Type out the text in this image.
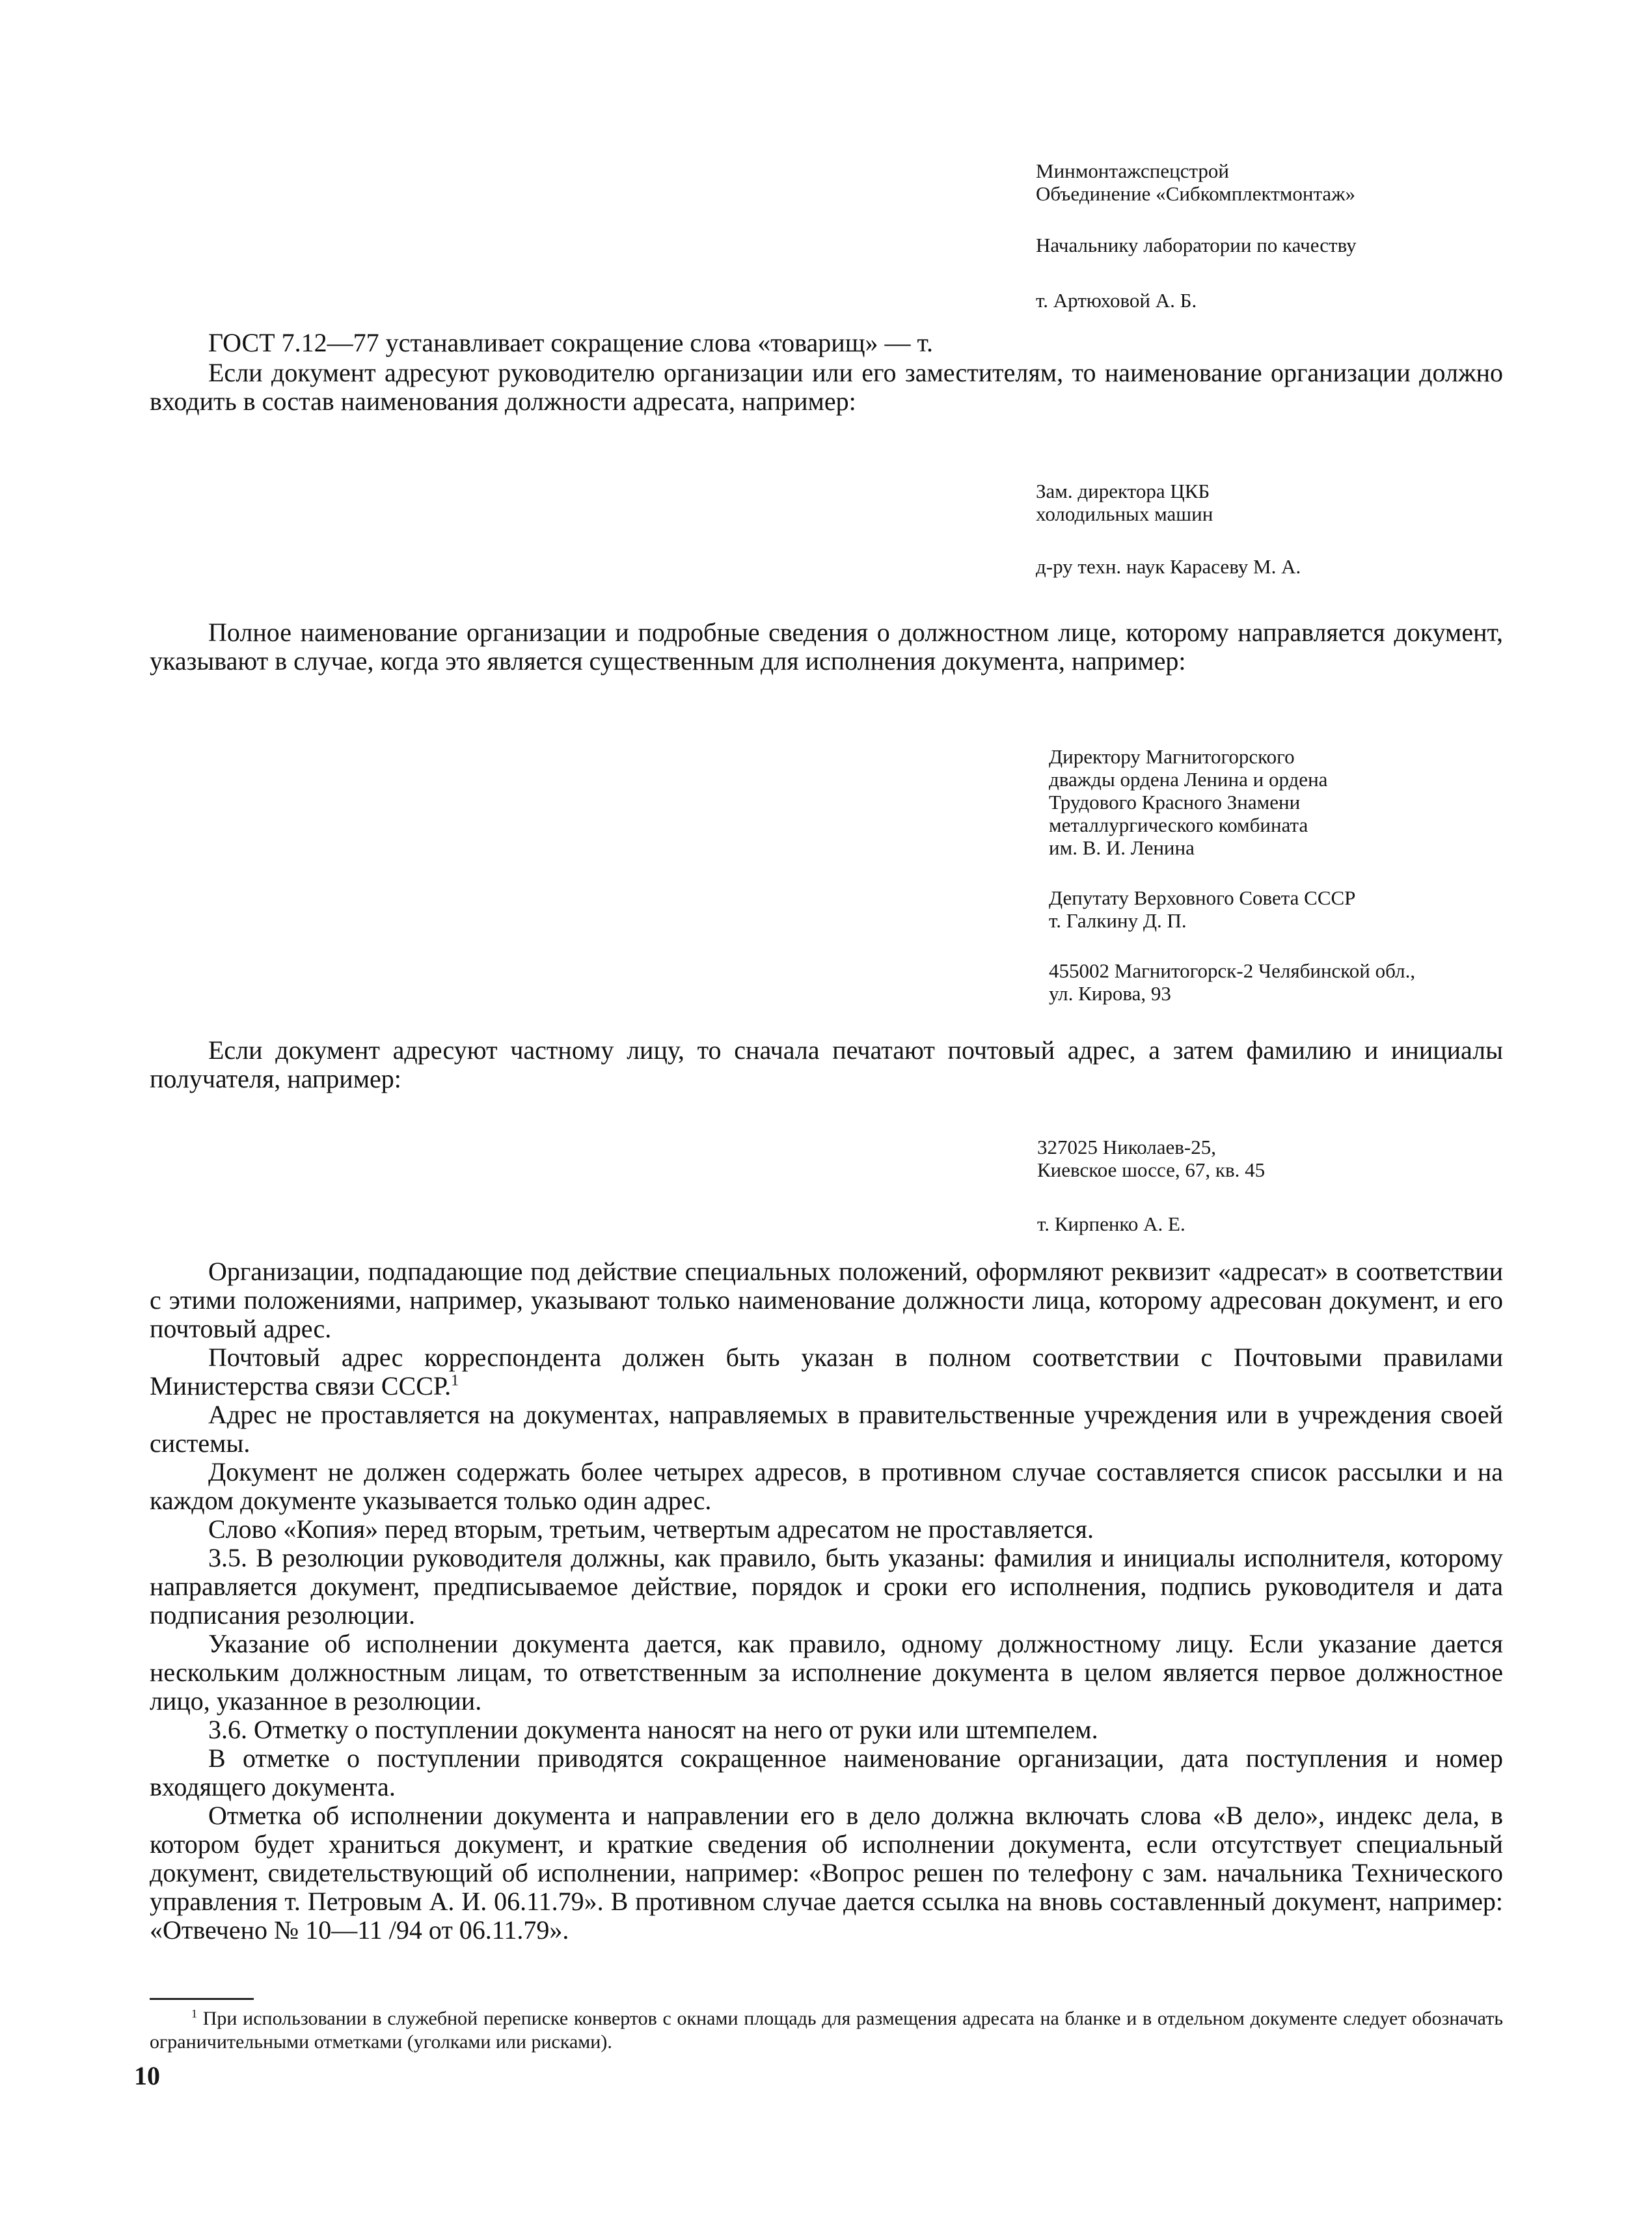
Минмонтажспецстрой
Объединение «Сибкомплектмонтаж»
Начальнику лаборатории по качеству
т. Артюховой А. Б.

ГОСТ 7.12—77 устанавливает сокращение слова «товарищ» — т.

Если документ адресуют руководителю организации или его заместителям, то наименование организации должно входить в состав наименования должности адресата, например:

Зам. директора ЦКБ
холодильных машин
д-ру техн. наук Карасеву М. А.

Полное наименование организации и подробные сведения о должностном лице, которому направляется документ, указывают в случае, когда это является существенным для исполнения документа, например:

Директору Магнитогорского
дважды ордена Ленина и ордена
Трудового Красного Знамени
металлургического комбината
им. В. И. Ленина
Депутату Верховного Совета СССР
т. Галкину Д. П.
455002 Магнитогорск-2 Челябинской обл.,
ул. Кирова, 93

Если документ адресуют частному лицу, то сначала печатают почтовый адрес, а затем фамилию и инициалы получателя, например:

327025 Николаев-25,
Киевское шоссе, 67, кв. 45
т. Кирпенко А. Е.

Организации, подпадающие под действие специальных положений, оформляют реквизит «адресат» в соответствии с этими положениями, например, указывают только наименование должности лица, которому адресован документ, и его почтовый адрес.

Почтовый адрес корреспондента должен быть указан в полном соответствии с Почтовыми правилами Министерства связи СССР.$^1$

Адрес не проставляется на документах, направляемых в правительственные учреждения или в учреждения своей системы.

Документ не должен содержать более четырех адресов, в противном случае составляется список рассылки и на каждом документе указывается только один адрес.

Слово «Копия» перед вторым, третьим, четвертым адресатом не проставляется.

3.5. В резолюции руководителя должны, как правило, быть указаны: фамилия и инициалы исполнителя, которому направляется документ, предписываемое действие, порядок и сроки его исполнения, подпись руководителя и дата подписания резолюции.

Указание об исполнении документа дается, как правило, одному должностному лицу. Если указание дается нескольким должностным лицам, то ответственным за исполнение документа в целом является первое должностное лицо, указанное в резолюции.

3.6. Отметку о поступлении документа наносят на него от руки или штемпелем.

В отметке о поступлении приводятся сокращенное наименование организации, дата поступления и номер входящего документа.

Отметка об исполнении документа и направлении его в дело должна включать слова «В дело», индекс дела, в котором будет храниться документ, и краткие сведения об исполнении документа, если отсутствует специальный документ, свидетельствующий об исполнении, например: «Вопрос решен по телефону с зам. начальника Технического управления т. Петровым А. И. 06.11.79». В противном случае дается ссылка на вновь составленный документ, например: «Отвечено № 10—11 /94 от 06.11.79».

$^1$ При использовании в служебной переписке конвертов с окнами площадь для размещения адресата на бланке и в отдельном документе следует обозначать ограничительными отметками (уголками или рисками).

10
